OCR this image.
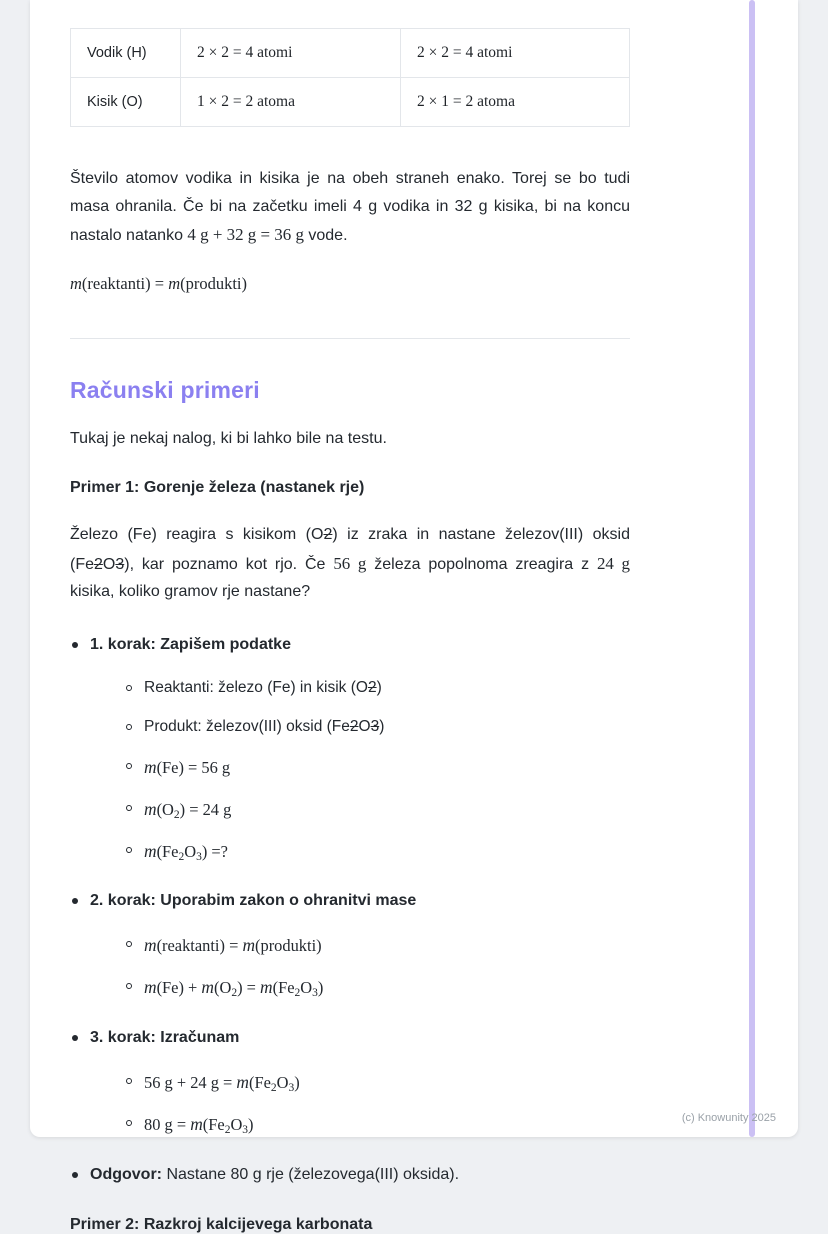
Vodik (H)	2 × 2 = 4 atomi	2 × 2 = 4 atomi
Kisik (O)	1 × 2 = 2 atoma	2 × 1 = 2 atoma

Število atomov vodika in kisika je na obeh straneh enako. Torej se bo tudi masa ohranila. Če bi na začetku imeli 4 g vodika in 32 g kisika, bi na koncu nastalo natanko 4 g + 32 g = 36 g vode.

m(reaktanti) = m(produkti)

Računski primeri

Tukaj je nekaj nalog, ki bi lahko bile na testu.

Primer 1: Gorenje železa (nastanek rje)

Železo (Fe) reagira s kisikom (O2) iz zraka in nastane železov(III) oksid (Fe2O3), kar poznamo kot rjo. Če 56 g železa popolnoma zreagira z 24 g kisika, koliko gramov rje nastane?

1. korak: Zapišem podatke
Reaktanti: železo (Fe) in kisik (O2)
Produkt: železov(III) oksid (Fe2O3)
m(Fe) = 56 g
m(O2) = 24 g
m(Fe2O3) =?
2. korak: Uporabim zakon o ohranitvi mase
m(reaktanti) = m(produkti)
m(Fe) + m(O2) = m(Fe2O3)
3. korak: Izračunam
56 g + 24 g = m(Fe2O3)
80 g = m(Fe2O3)
Odgovor: Nastane 80 g rje (železovega(III) oksida).

Primer 2: Razkroj kalcijevega karbonata

(c) Knowunity 2025
